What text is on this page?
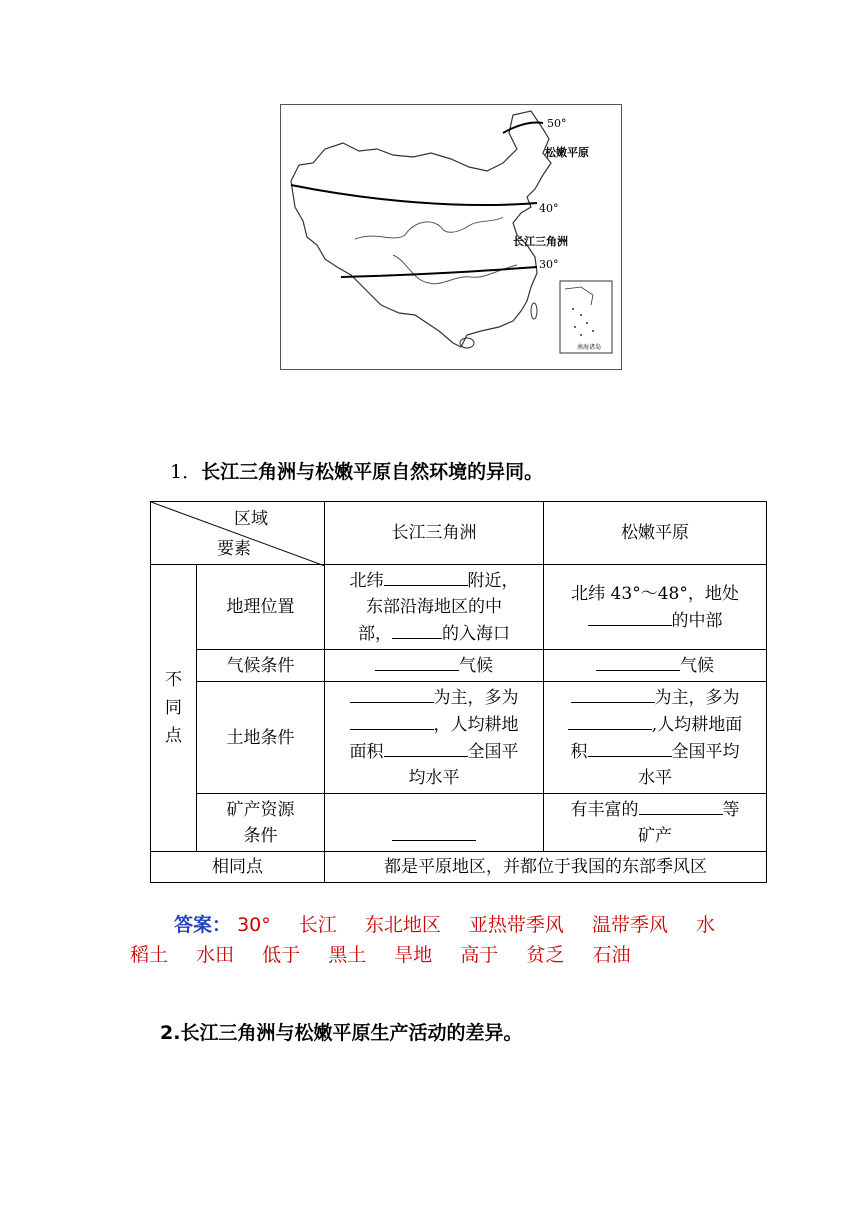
50°
松嫩平原
40°
长江三角洲
30°
南海诸岛
1．长江三角洲与松嫩平原自然环境的异同。
区域
要素		长江三角洲	松嫩平原
不同点	地理位置	北纬 附近，
东部沿海地区的中
部， 的入海口	北纬 43°～48°，地处
的中部
	气候条件	气候	气候
	土地条件	为主，多为
，人均耕地
面积 全国平
均水平	为主，多为
,人均耕地面
积 全国平均
水平
	矿产资源
条件		有丰富的 等
矿产
相同点		都是平原地区，并都位于我国的东部季风区	
答案： 30° 长江 东北地区 亚热带季风 温带季风 水
稻土 水田 低于 黑土 旱地 高于 贫乏 石油
2.长江三角洲与松嫩平原生产活动的差异。
